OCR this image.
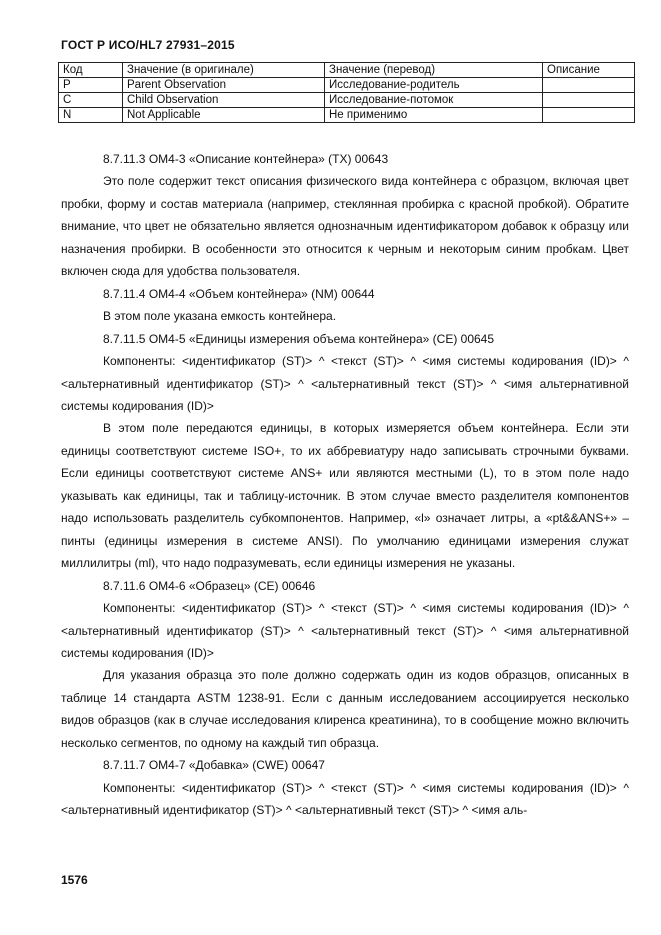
ГОСТ Р ИСО/HL7 27931–2015
Код	Значение (в оригинале)	Значение (перевод)	Описание
P	Parent Observation	Исследование-родитель	
C	Child Observation	Исследование-потомок	
N	Not Applicable	Не применимо	

8.7.11.3 OM4-3 «Описание контейнера» (TX) 00643

Это поле содержит текст описания физического вида контейнера с образцом, включая цвет пробки, форму и состав материала (например, стеклянная пробирка с красной пробкой). Обратите внимание, что цвет не обязательно является однозначным идентификатором добавок к образцу или назначения пробирки. В особенности это относится к черным и некоторым синим пробкам. Цвет включен сюда для удобства пользователя.

8.7.11.4 OM4-4 «Объем контейнера» (NM) 00644

В этом поле указана емкость контейнера.

8.7.11.5 OM4-5 «Единицы измерения объема контейнера» (CE) 00645

Компоненты: <идентификатор (ST)> ^ <текст (ST)> ^ <имя системы кодирования (ID)> ^ <альтернативный идентификатор (ST)> ^ <альтернативный текст (ST)> ^ <имя альтернативной системы кодирования (ID)>

В этом поле передаются единицы, в которых измеряется объем контейнера. Если эти единицы соответствуют системе ISO+, то их аббревиатуру надо записывать строчными буквами. Если единицы соответствуют системе ANS+ или являются местными (L), то в этом поле надо указывать как единицы, так и таблицу-источник. В этом случае вместо разделителя компонентов надо использовать разделитель субкомпонентов. Например, «l» означает литры, а «pt&&ANS+» – пинты (единицы измерения в системе ANSI). По умолчанию единицами измерения служат миллилитры (ml), что надо подразумевать, если единицы измерения не указаны.

8.7.11.6 OM4-6 «Образец» (CE) 00646

Компоненты: <идентификатор (ST)> ^ <текст (ST)> ^ <имя системы кодирования (ID)> ^ <альтернативный идентификатор (ST)> ^ <альтернативный текст (ST)> ^ <имя альтернативной системы кодирования (ID)>

Для указания образца это поле должно содержать один из кодов образцов, описанных в таблице 14 стандарта ASTM 1238-91. Если с данным исследованием ассоциируется несколько видов образцов (как в случае исследования клиренса креатинина), то в сообщение можно включить несколько сегментов, по одному на каждый тип образца.

8.7.11.7 OM4-7 «Добавка» (CWE) 00647

Компоненты: <идентификатор (ST)> ^ <текст (ST)> ^ <имя системы кодирования (ID)> ^ <альтернативный идентификатор (ST)> ^ <альтернативный текст (ST)> ^ <имя аль-

1576
